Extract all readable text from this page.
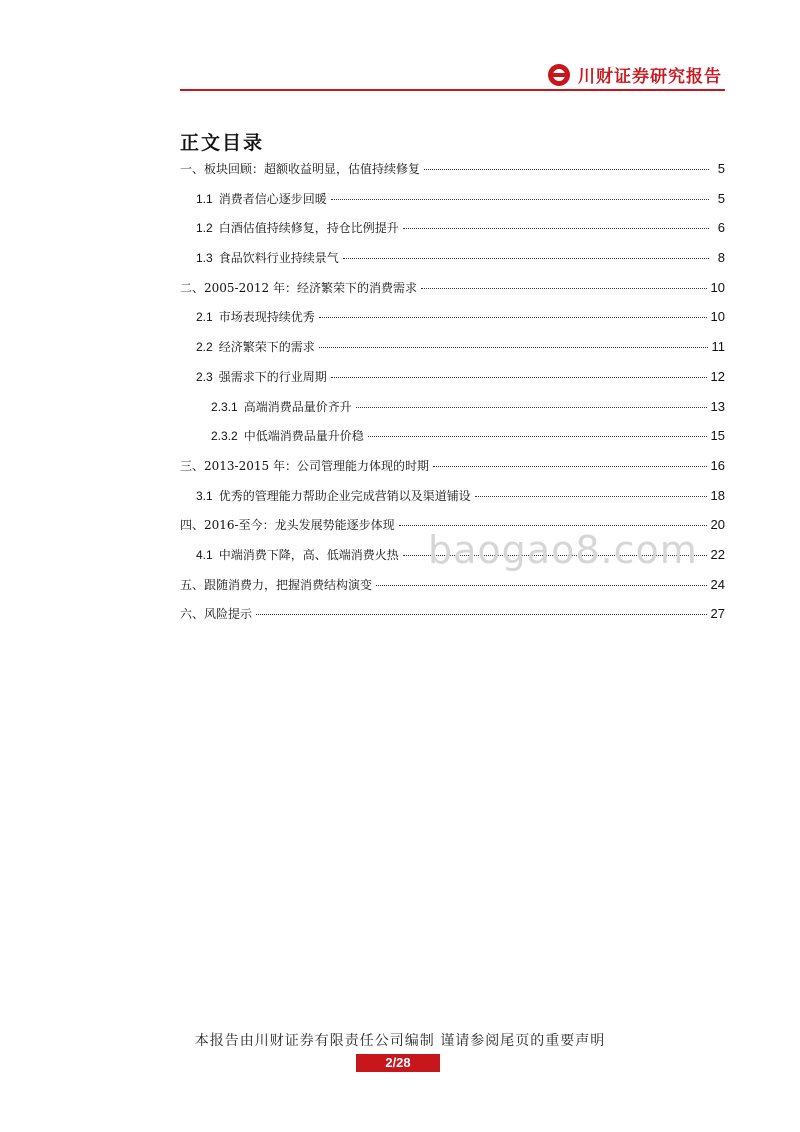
川财证券研究报告
正文目录
一、板块回顾：超额收益明显，估值持续修复	5
1.1 消费者信心逐步回暖	5
1.2 白酒估值持续修复，持仓比例提升	6
1.3 食品饮料行业持续景气	8
二、2005-2012 年：经济繁荣下的消费需求	10
2.1 市场表现持续优秀	10
2.2 经济繁荣下的需求	11
2.3 强需求下的行业周期	12
2.3.1 高端消费品量价齐升	13
2.3.2 中低端消费品量升价稳	15
三、2013-2015 年：公司管理能力体现的时期	16
3.1 优秀的管理能力帮助企业完成营销以及渠道铺设	18
四、2016-至今：龙头发展势能逐步体现	20
4.1 中端消费下降，高、低端消费火热	22
五、跟随消费力，把握消费结构演变	24
六、风险提示	27
baogao8.com
本报告由川财证券有限责任公司编制 谨请参阅尾页的重要声明
2/28
